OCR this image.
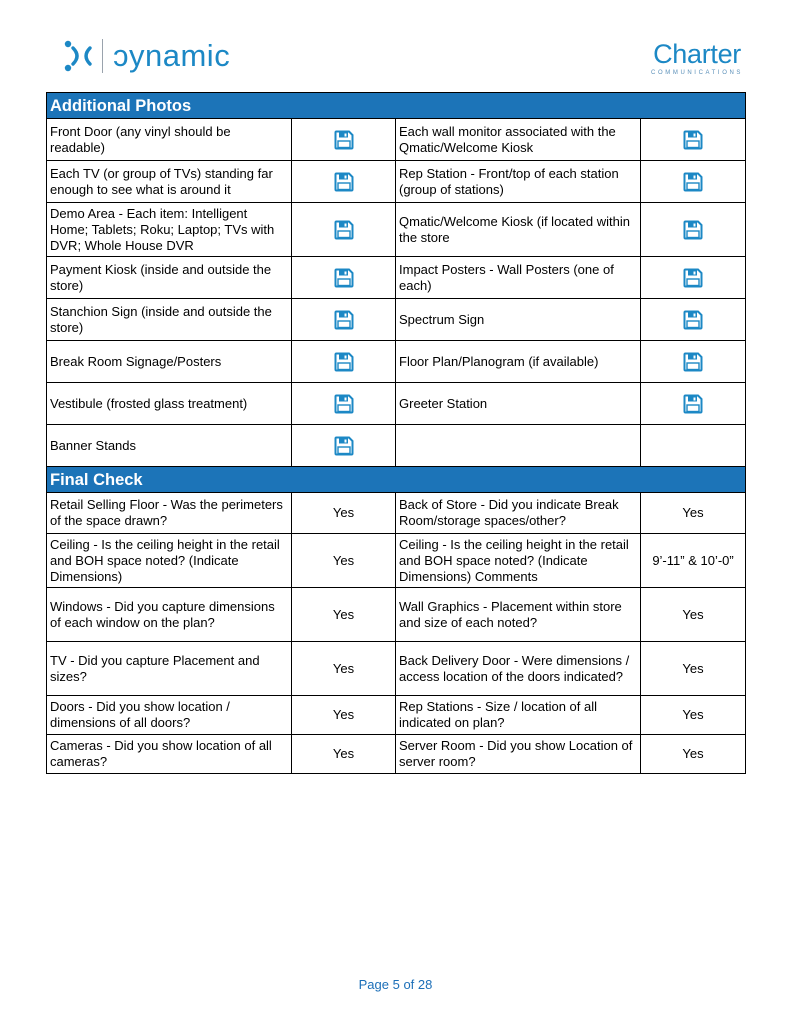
ɔynamic	Charter
COMMUNICATIONS
Additional Photos			
Front Door (any vinyl should be readable)		Each wall monitor associated with the Qmatic/Welcome Kiosk	
Each TV (or group of TVs) standing far enough to see what is around it		Rep Station - Front/top of each station (group of stations)	
Demo Area - Each item: Intelligent Home; Tablets; Roku; Laptop; TVs with DVR; Whole House DVR		Qmatic/Welcome Kiosk (if located within the store	
Payment Kiosk (inside and outside the store)		Impact Posters - Wall Posters (one of each)	
Stanchion Sign (inside and outside the store)		Spectrum Sign	
Break Room Signage/Posters		Floor Plan/Planogram (if available)	
Vestibule (frosted glass treatment)		Greeter Station	
Banner Stands			
Final Check			
Retail Selling Floor - Was the perimeters of the space drawn?	Yes	Back of Store - Did you indicate Break Room/storage spaces/other?	Yes
Ceiling - Is the ceiling height in the retail and BOH space noted? (Indicate Dimensions)	Yes	Ceiling - Is the ceiling height in the retail and BOH space noted? (Indicate Dimensions) Comments	9’-11” & 10’-0”
Windows - Did you capture dimensions of each window on the plan?	Yes	Wall Graphics - Placement within store and size of each noted?	Yes
TV - Did you capture Placement and sizes?	Yes	Back Delivery Door - Were dimensions / access location of the doors indicated?	Yes
Doors - Did you show location / dimensions of all doors?	Yes	Rep Stations - Size / location of all indicated on plan?	Yes
Cameras - Did you show location of all cameras?	Yes	Server Room - Did you show Location of server room?	Yes
Page 5 of 28
